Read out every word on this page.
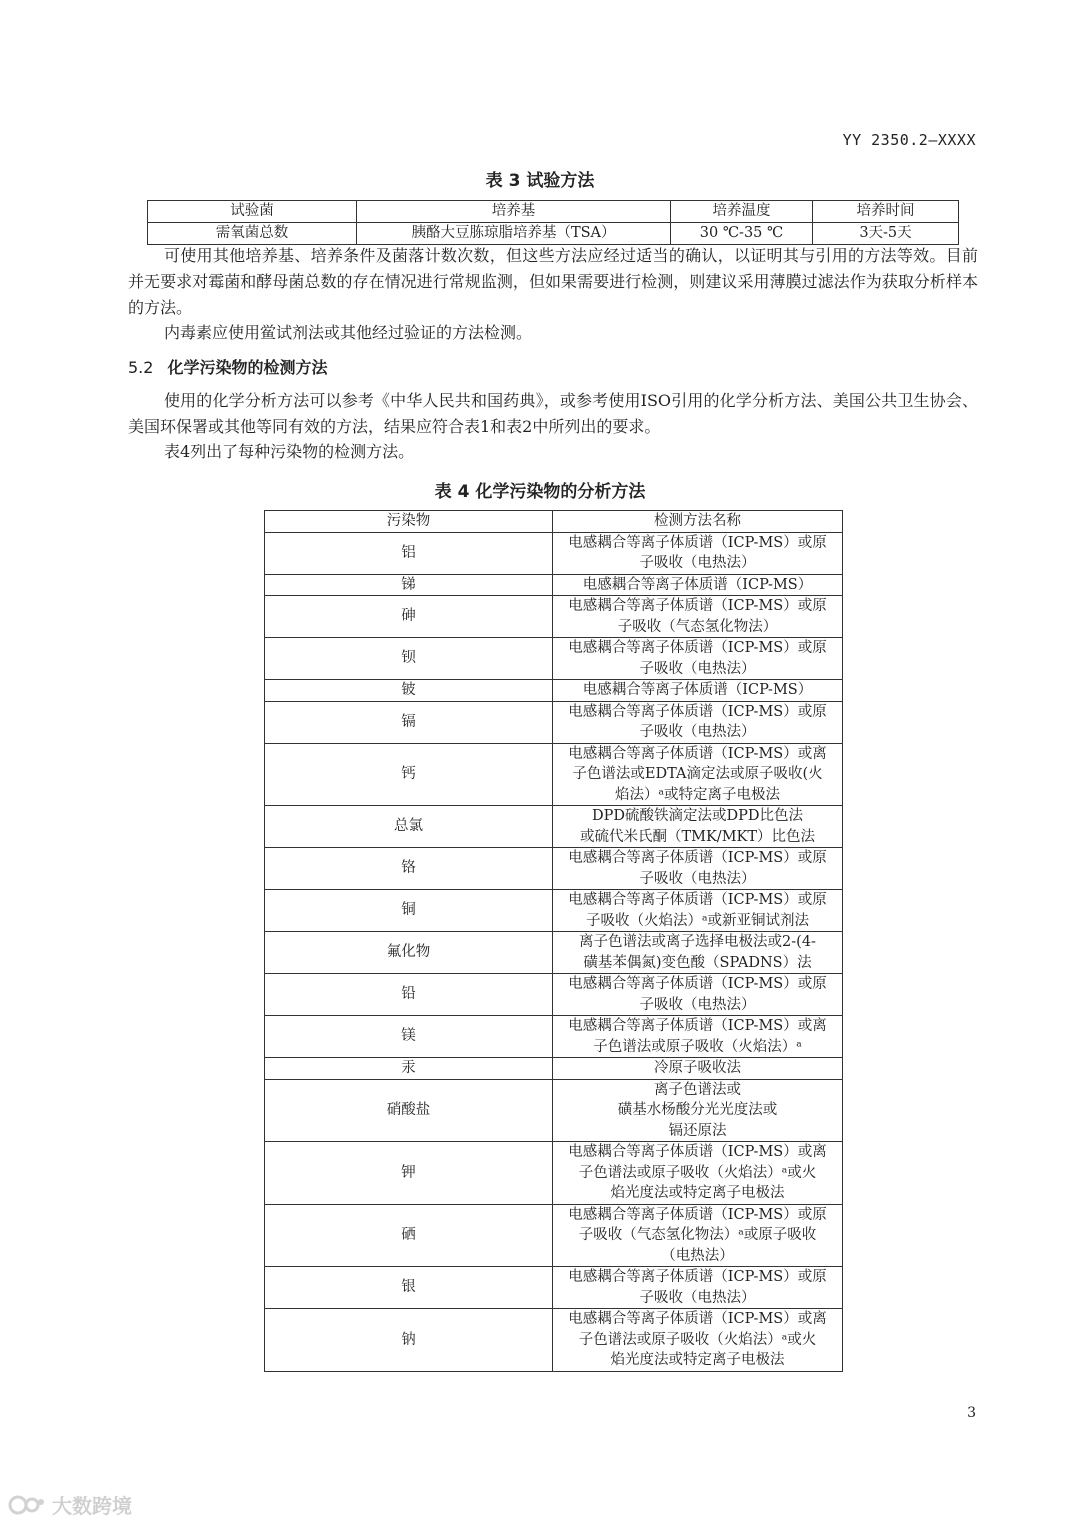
YY 2350.2—XXXX
表 3 试验方法
试验菌	培养基	培养温度	培养时间
需氧菌总数	胰酪大豆胨琼脂培养基（TSA）	30 ℃-35 ℃	3天-5天
可使用其他培养基、培养条件及菌落计数次数，但这些方法应经过适当的确认，以证明其与引用的方法等效。目前并无要求对霉菌和酵母菌总数的存在情况进行常规监测，但如果需要进行检测，则建议采用薄膜过滤法作为获取分析样本的方法。
内毒素应使用鲎试剂法或其他经过验证的方法检测。
5.2 化学污染物的检测方法
使用的化学分析方法可以参考《中华人民共和国药典》，或参考使用ISO引用的化学分析方法、美国公共卫生协会、美国环保署或其他等同有效的方法，结果应符合表1和表2中所列出的要求。
表4列出了每种污染物的检测方法。
表 4 化学污染物的分析方法
污染物	检测方法名称
铝	电感耦合等离子体质谱（ICP-MS）或原
子吸收（电热法）

锑	电感耦合等离子体质谱（ICP-MS）

砷	电感耦合等离子体质谱（ICP-MS）或原
子吸收（气态氢化物法）

钡	电感耦合等离子体质谱（ICP-MS）或原
子吸收（电热法）

铍	电感耦合等离子体质谱（ICP-MS）

镉	电感耦合等离子体质谱（ICP-MS）或原
子吸收（电热法）

钙	电感耦合等离子体质谱（ICP-MS）或离
子色谱法或EDTA滴定法或原子吸收(火
焰法）ᵃ或特定离子电极法

总氯	DPD硫酸铁滴定法或DPD比色法
或硫代米氏酮（TMK/MKT）比色法

铬	电感耦合等离子体质谱（ICP-MS）或原
子吸收（电热法）

铜	电感耦合等离子体质谱（ICP-MS）或原
子吸收（火焰法）ᵃ或新亚铜试剂法

氟化物	离子色谱法或离子选择电极法或2-(4-
磺基苯偶氮)变色酸（SPADNS）法

铅	电感耦合等离子体质谱（ICP-MS）或原
子吸收（电热法）

镁	电感耦合等离子体质谱（ICP-MS）或离
子色谱法或原子吸收（火焰法）ᵃ

汞	冷原子吸收法

硝酸盐	离子色谱法或
磺基水杨酸分光光度法或
镉还原法

钾	电感耦合等离子体质谱（ICP-MS）或离
子色谱法或原子吸收（火焰法）ᵃ或火
焰光度法或特定离子电极法

硒	电感耦合等离子体质谱（ICP-MS）或原
子吸收（气态氢化物法）ᵃ或原子吸收
（电热法）

银	电感耦合等离子体质谱（ICP-MS）或原
子吸收（电热法）

钠	电感耦合等离子体质谱（ICP-MS）或离
子色谱法或原子吸收（火焰法）ᵃ或火
焰光度法或特定离子电极法
3
大数跨境
